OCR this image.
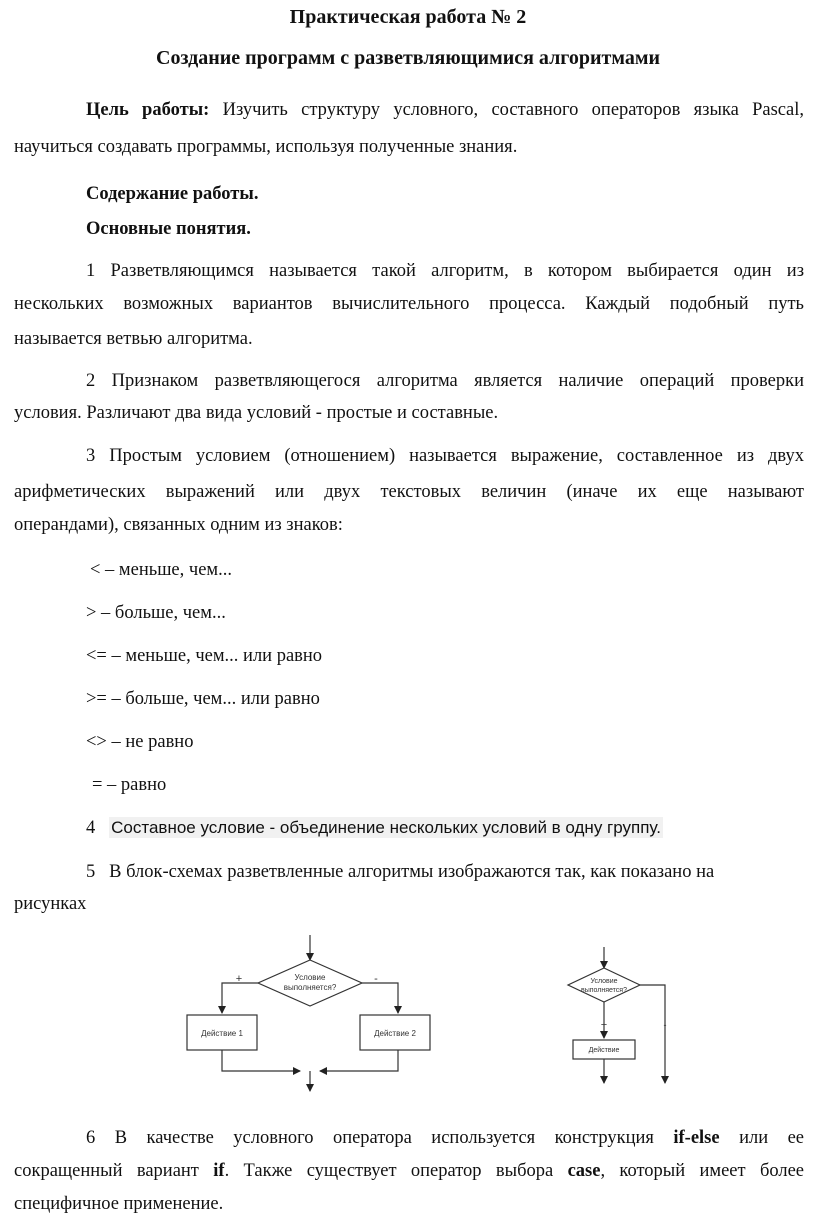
Практическая работа № 2
Создание программ с разветвляющимися алгоритмами
Цель работы: Изучить структуру условного, составного операторов языка Pascal,
научиться создавать программы, используя полученные знания.
Содержание работы.
Основные понятия.
1 Разветвляющимся называется такой алгоритм, в котором выбирается один из
нескольких возможных вариантов вычислительного процесса. Каждый подобный путь
называется ветвью алгоритма.
2 Признаком разветвляющегося алгоритма является наличие операций проверки
условия. Различают два вида условий - простые и составные.
3 Простым условием (отношением) называется выражение, составленное из двух
арифметических выражений или двух текстовых величин (иначе их еще называют
операндами), связанных одним из знаков:
< – меньше, чем...
> – больше, чем...
<= – меньше, чем... или равно
>= – больше, чем... или равно
<> – не равно
= – равно
4 Составное условие - объединение нескольких условий в одну группу.
5 В блок-схемах разветвленные алгоритмы изображаются так, как показано на
рисунках
Условие
выполняется?
+	-
Действие 1	Действие 2
Условие
выполняется?
+	-
Действие
6 В качестве условного оператора используется конструкция if-else или ее
сокращенный вариант if. Также существует оператор выбора case, который имеет более
специфичное применение.
